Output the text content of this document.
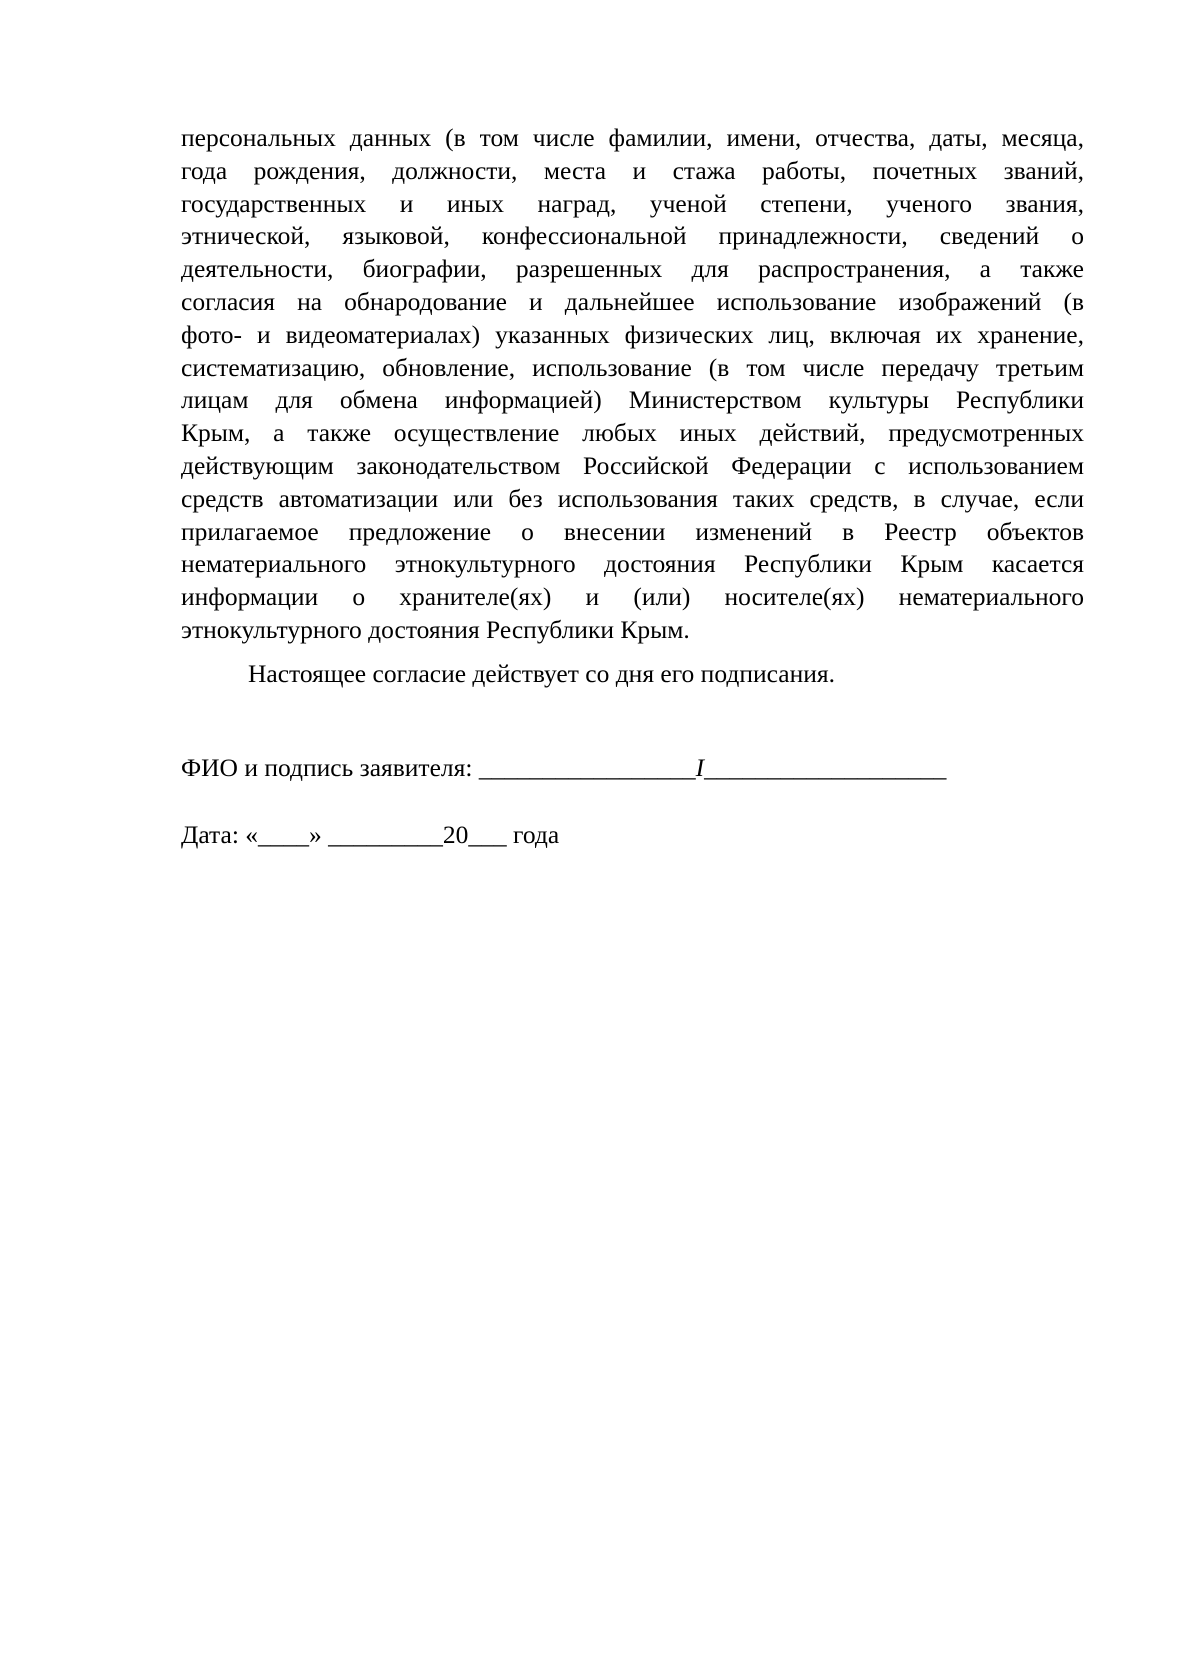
персональных данных (в том числе фамилии, имени, отчества, даты, месяца,
года рождения, должности, места и стажа работы, почетных званий,
государственных и иных наград, ученой степени, ученого звания,
этнической, языковой, конфессиональной принадлежности, сведений о
деятельности, биографии, разрешенных для распространения, а также
согласия на обнародование и дальнейшее использование изображений (в
фото- и видеоматериалах) указанных физических лиц, включая их хранение,
систематизацию, обновление, использование (в том числе передачу третьим
лицам для обмена информацией) Министерством культуры Республики
Крым, а также осуществление любых иных действий, предусмотренных
действующим законодательством Российской Федерации с использованием
средств автоматизации или без использования таких средств, в случае, если
прилагаемое предложение о внесении изменений в Реестр объектов
нематериального этнокультурного достояния Республики Крым касается
информации о хранителе(ях) и (или) носителе(ях) нематериального
этнокультурного достояния Республики Крым.
Настоящее согласие действует со дня его подписания.
ФИО и подпись заявителя: _________________I___________________
Дата: «____» _________20___ года
